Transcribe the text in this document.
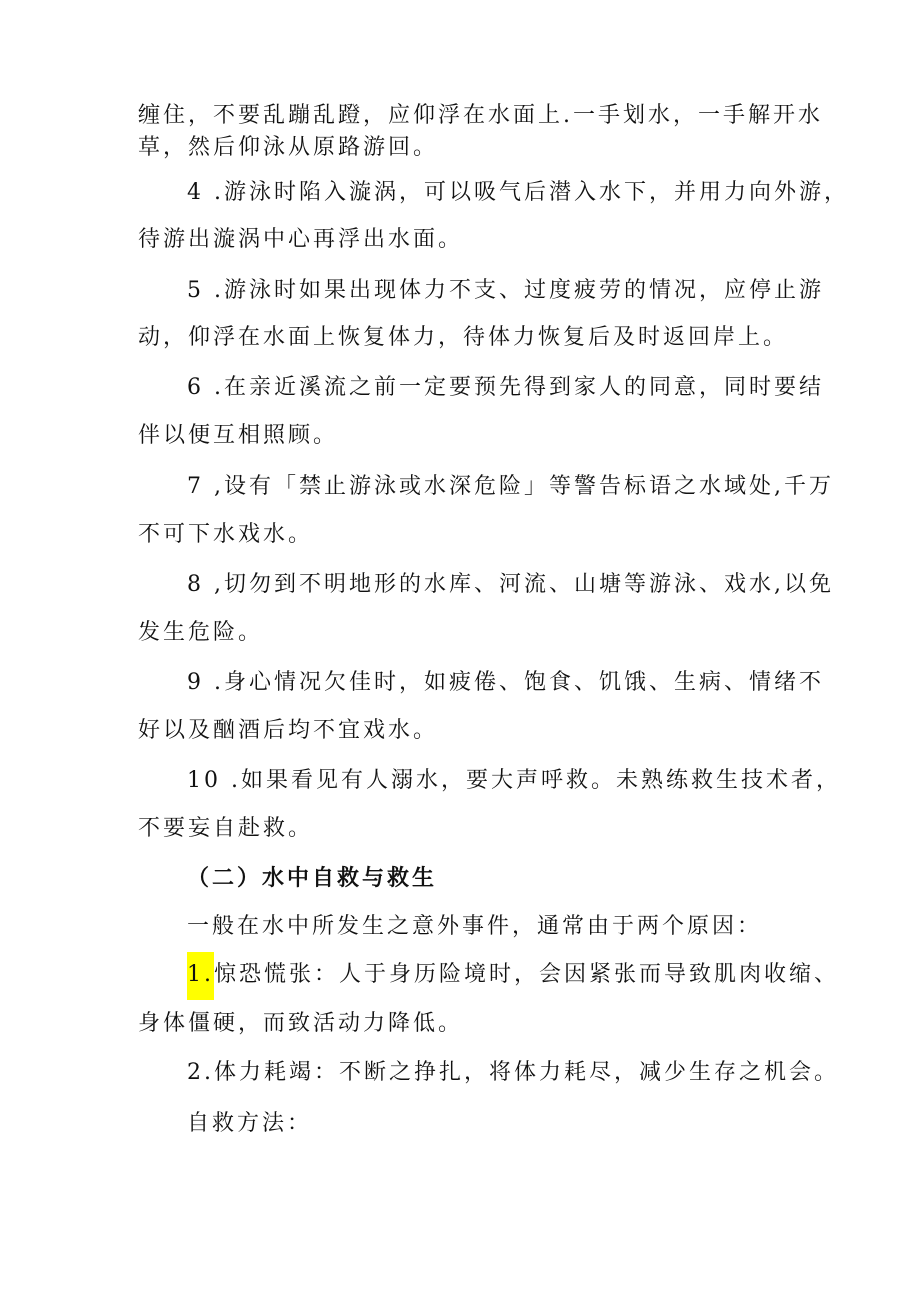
缠住，不要乱蹦乱蹬，应仰浮在水面上.一手划水，一手解开水
草，然后仰泳从原路游回。
4 .游泳时陷入漩涡，可以吸气后潜入水下，并用力向外游，
待游出漩涡中心再浮出水面。
5 .游泳时如果出现体力不支、过度疲劳的情况，应停止游
动，仰浮在水面上恢复体力，待体力恢复后及时返回岸上。
6 .在亲近溪流之前一定要预先得到家人的同意，同时要结
伴以便互相照顾。
7 ,设有「禁止游泳或水深危险」等警告标语之水域处,千万
不可下水戏水。
8 ,切勿到不明地形的水库、河流、山塘等游泳、戏水,以免
发生危险。
9 .身心情况欠佳时，如疲倦、饱食、饥饿、生病、情绪不
好以及酗酒后均不宜戏水。
10 .如果看见有人溺水，要大声呼救。未熟练救生技术者，
不要妄自赴救。
（二）水中自救与救生
一般在水中所发生之意外事件，通常由于两个原因：
1.惊恐慌张：人于身历险境时，会因紧张而导致肌肉收缩、
身体僵硬，而致活动力降低。
2.体力耗竭：不断之挣扎，将体力耗尽，减少生存之机会。
自救方法：
